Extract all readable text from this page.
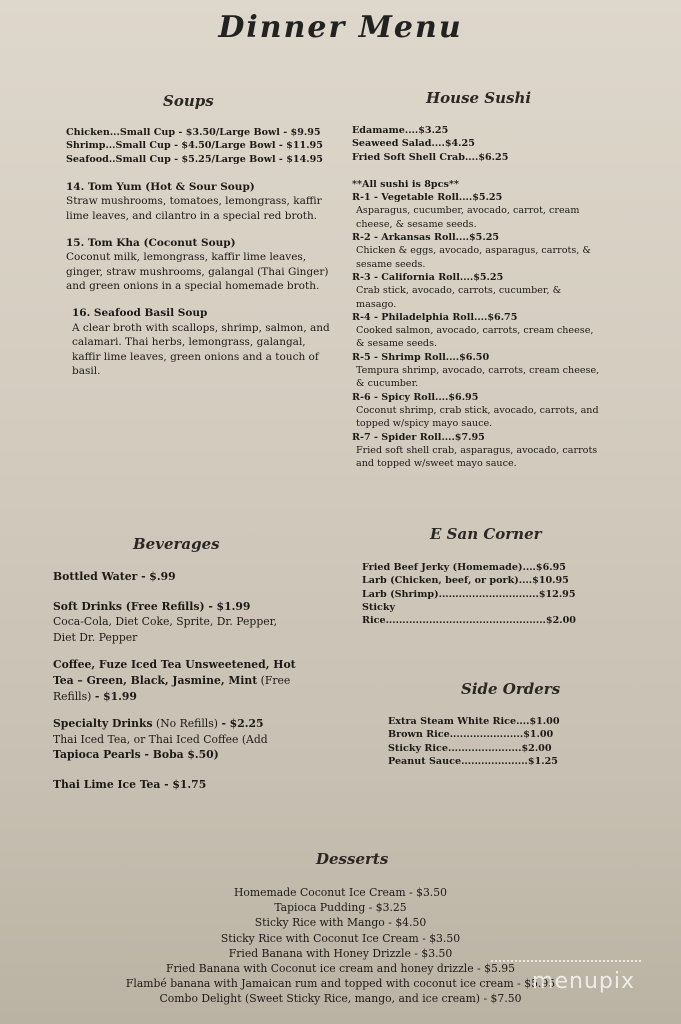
Dinner Menu
Soups

Chicken...Small Cup - $3.50/Large Bowl - $9.95

Shrimp...Small Cup - $4.50/Large Bowl - $11.95

Seafood..Small Cup - $5.25/Large Bowl - $14.95

14. Tom Yum (Hot & Sour Soup)

Straw mushrooms, tomatoes, lemongrass, kaffir lime leaves, and cilantro in a special red broth.

15. Tom Kha (Coconut Soup)

Coconut milk, lemongrass, kaffir lime leaves, ginger, straw mushrooms, galangal (Thai Ginger) and green onions in a special homemade broth.

16. Seafood Basil Soup

A clear broth with scallops, shrimp, salmon, and calamari. Thai herbs, lemongrass, galangal, kaffir lime leaves, green onions and a touch of basil.

House Sushi

Edamame....$3.25

Seaweed Salad....$4.25

Fried Soft Shell Crab....$6.25

**All sushi is 8pcs**

R-1 - Vegetable Roll....$5.25

Asparagus, cucumber, avocado, carrot, cream cheese, & sesame seeds.

R-2 - Arkansas Roll....$5.25

Chicken & eggs, avocado, asparagus, carrots, & sesame seeds.

R-3 - California Roll....$5.25

Crab stick, avocado, carrots, cucumber, & masago.

R-4 - Philadelphia Roll....$6.75

Cooked salmon, avocado, carrots, cream cheese, & sesame seeds.

R-5 - Shrimp Roll....$6.50

Tempura shrimp, avocado, carrots, cream cheese, & cucumber.

R-6 - Spicy Roll....$6.95

Coconut shrimp, crab stick, avocado, carrots, and topped w/spicy mayo sauce.

R-7 - Spider Roll....$7.95

Fried soft shell crab, asparagus, avocado, carrots and topped w/sweet mayo sauce.

Beverages

Bottled Water - $.99

Soft Drinks (Free Refills) - $1.99

Coca-Cola, Diet Coke, Sprite, Dr. Pepper, Diet Dr. Pepper

Coffee, Fuze Iced Tea Unsweetened, Hot Tea – Green, Black, Jasmine, Mint (Free Refills) - $1.99

Specialty Drinks (No Refills) - $2.25

Thai Iced Tea, or Thai Iced Coffee (Add

Tapioca Pearls - Boba $.50)

Thai Lime Ice Tea - $1.75

E San Corner

Fried Beef Jerky (Homemade)....$6.95

Larb (Chicken, beef, or pork)....$10.95

Larb (Shrimp)..............................$12.95

Sticky Rice................................................$2.00

Side Orders

Extra Steam White Rice....$1.00

Brown Rice......................$1.00

Sticky Rice......................$2.00

Peanut Sauce....................$1.25

Desserts

Homemade Coconut Ice Cream - $3.50

Tapioca Pudding - $3.25

Sticky Rice with Mango - $4.50

Sticky Rice with Coconut Ice Cream - $3.50

Fried Banana with Honey Drizzle - $3.50

Fried Banana with Coconut ice cream and honey drizzle - $5.95

Flambé banana with Jamaican rum and topped with coconut ice cream - $5.95

Combo Delight (Sweet Sticky Rice, mango, and ice cream) - $7.50

menupix
